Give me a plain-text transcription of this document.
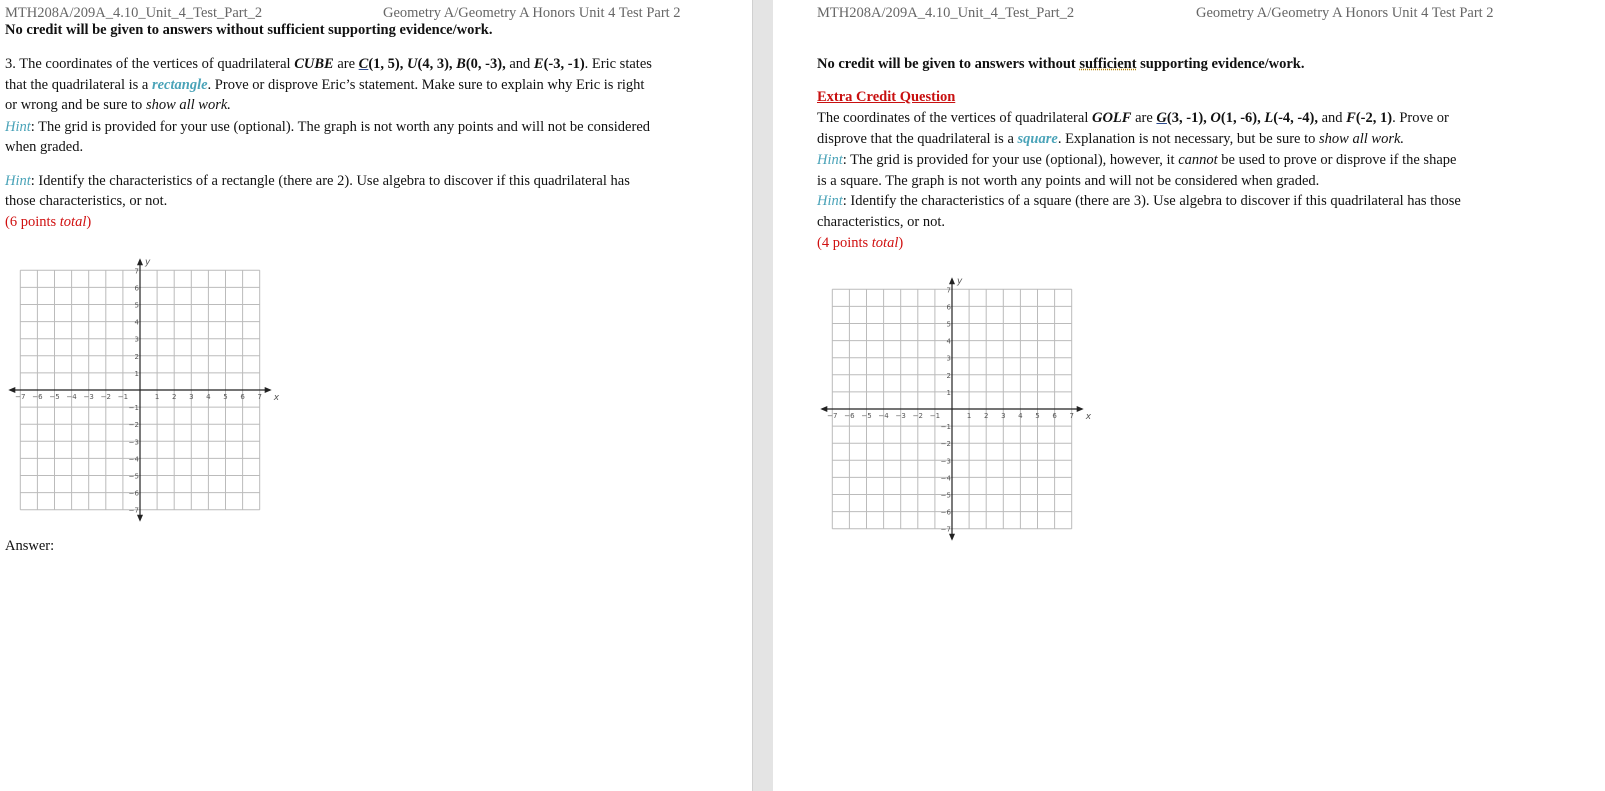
MTH208A/209A_4.10_Unit_4_Test_Part_2	Geometry A/Geometry A Honors Unit 4 Test Part 2
No credit will be given to answers without sufficient supporting evidence/work.
3. The coordinates of the vertices of quadrilateral CUBE are C(1, 5), U(4, 3), B(0, -3), and E(-3, -1). Eric states
that the quadrilateral is a rectangle. Prove or disprove Eric’s statement. Make sure to explain why Eric is right
or wrong and be sure to show all work.
Hint: The grid is provided for your use (optional). The graph is not worth any points and will not be considered
when graded.
Hint: Identify the characteristics of a rectangle (there are 2). Use algebra to discover if this quadrilateral has
those characteristics, or not.
(6 points total)
−7 −6 −5 −4 −3 −2 −1	1 2 3 4 5 6 7
−7
−6
−5
−4
−3
−2
−1
1
2
3
4
5
6
7
x
y
Answer:
MTH208A/209A_4.10_Unit_4_Test_Part_2	Geometry A/Geometry A Honors Unit 4 Test Part 2
No credit will be given to answers without sufficient supporting evidence/work.
Extra Credit Question
The coordinates of the vertices of quadrilateral GOLF are G(3, -1), O(1, -6), L(-4, -4), and F(-2, 1). Prove or
disprove that the quadrilateral is a square. Explanation is not necessary, but be sure to show all work.
Hint: The grid is provided for your use (optional), however, it cannot be used to prove or disprove if the shape
is a square. The graph is not worth any points and will not be considered when graded.
Hint: Identify the characteristics of a square (there are 3). Use algebra to discover if this quadrilateral has those
characteristics, or not.
(4 points total)
−7 −6 −5 −4 −3 −2 −1	1 2 3 4 5 6 7
−7
−6
−5
−4
−3
−2
−1
1
2
3
4
5
6
7
x
y
